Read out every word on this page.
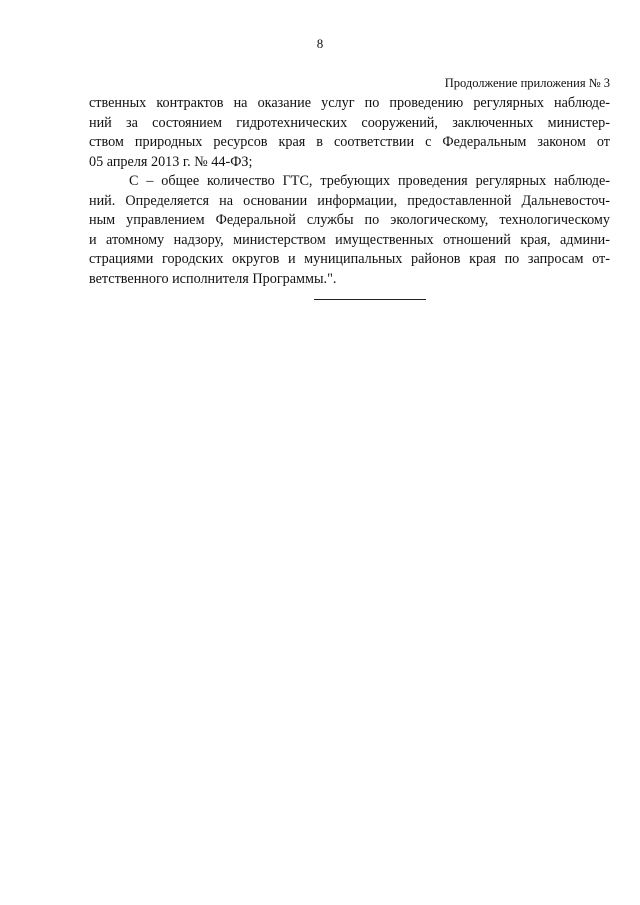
8
Продолжение приложения № 3
ственных контрактов на оказание услуг по проведению регулярных наблюде-
ний за состоянием гидротехнических сооружений, заключенных министер-
ством природных ресурсов края в соответствии с Федеральным законом от
05 апреля 2013 г. № 44-ФЗ;
С – общее количество ГТС, требующих проведения регулярных наблюде-
ний. Определяется на основании информации, предоставленной Дальневосточ-
ным управлением Федеральной службы по экологическому, технологическому
и атомному надзору, министерством имущественных отношений края, админи-
страциями городских округов и муниципальных районов края по запросам от-
ветственного исполнителя Программы.".
